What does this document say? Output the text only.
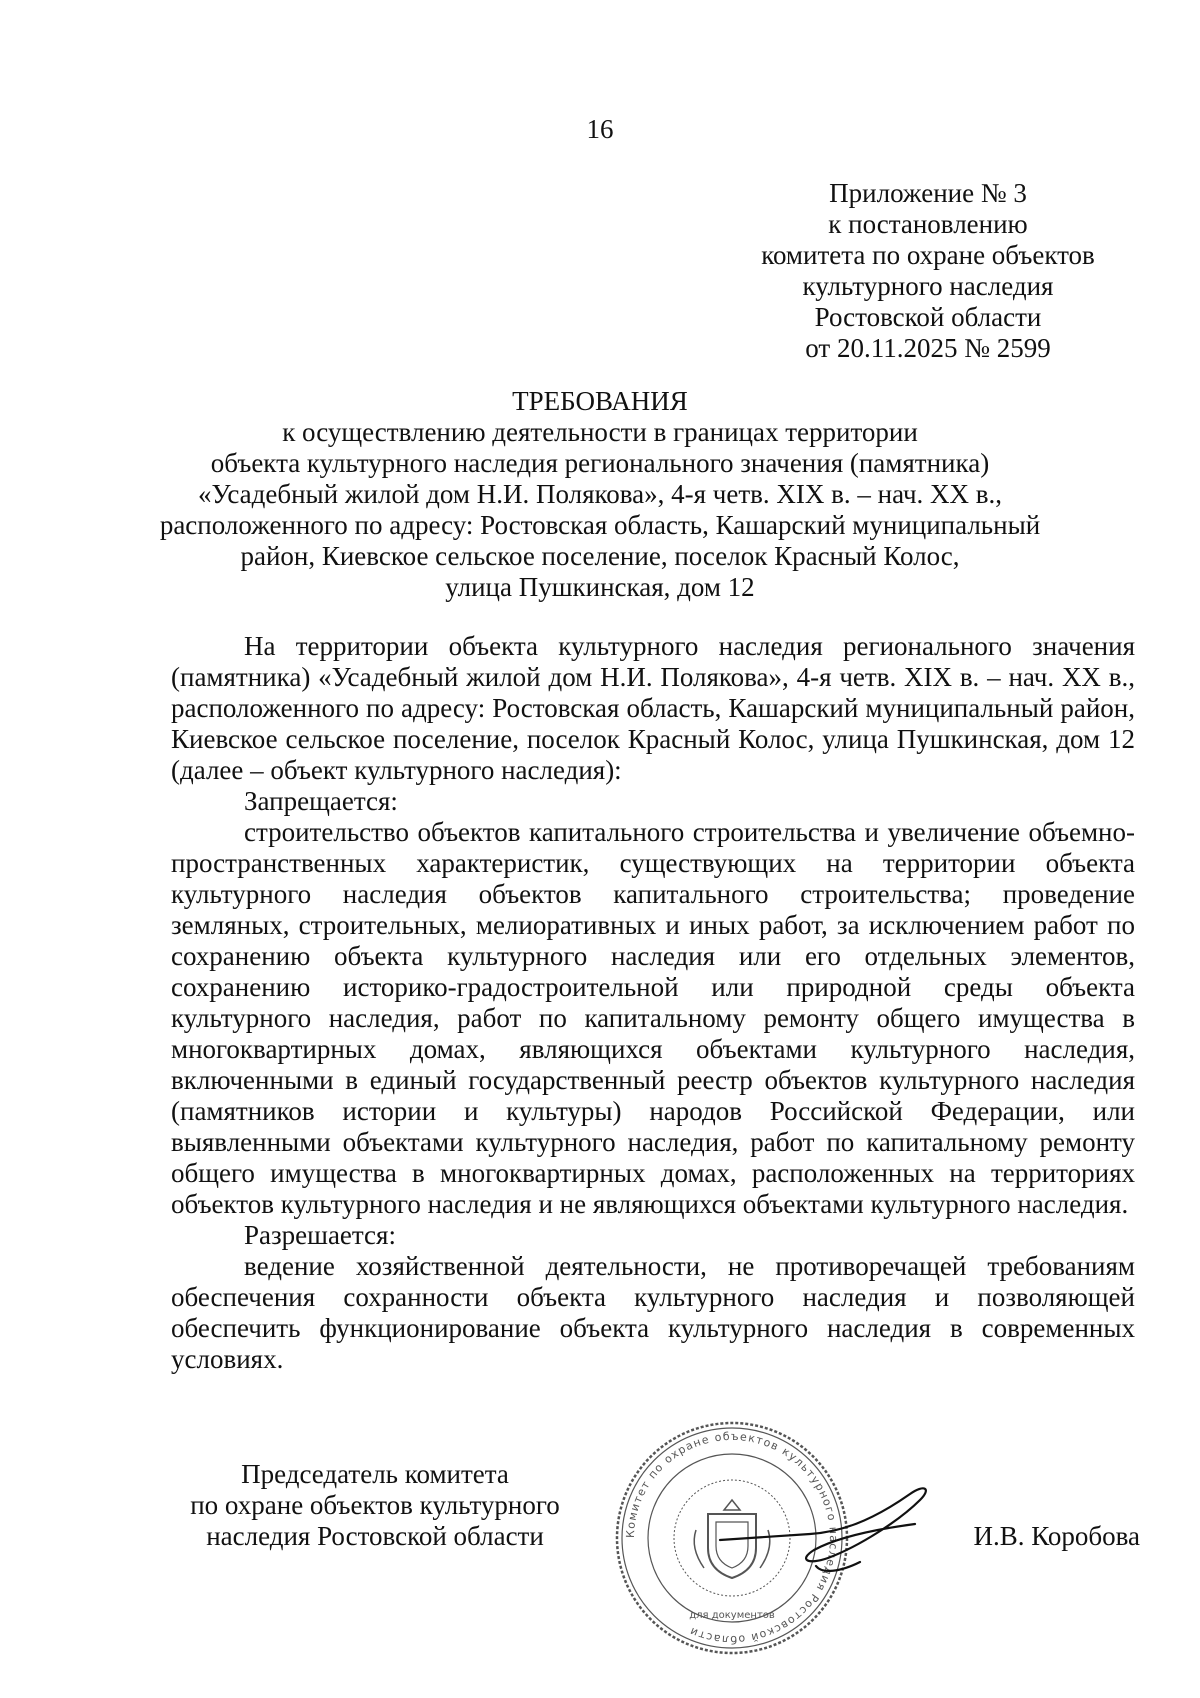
16
Приложение № 3
к постановлению
комитета по охране объектов
культурного наследия
Ростовской области
от 20.11.2025 № 2599
ТРЕБОВАНИЯ
к осуществлению деятельности в границах территории
объекта культурного наследия регионального значения (памятника)
«Усадебный жилой дом Н.И. Полякова», 4-я четв. XIX в. – нач. XX в.,
расположенного по адресу: Ростовская область, Кашарский муниципальный
район, Киевское сельское поселение, поселок Красный Колос,
улица Пушкинская, дом 12

На территории объекта культурного наследия регионального значения (памятника) «Усадебный жилой дом Н.И. Полякова», 4-я четв. XIX в. – нач. XX в., расположенного по адресу: Ростовская область, Кашарский муниципальный район, Киевское сельское поселение, поселок Красный Колос, улица Пушкинская, дом 12 (далее – объект культурного наследия):

Запрещается:

строительство объектов капитального строительства и увеличение объемно-пространственных характеристик, существующих на территории объекта культурного наследия объектов капитального строительства; проведение земляных, строительных, мелиоративных и иных работ, за исключением работ по сохранению объекта культурного наследия или его отдельных элементов, сохранению историко-градостроительной или природной среды объекта культурного наследия, работ по капитальному ремонту общего имущества в многоквартирных домах, являющихся объектами культурного наследия, включенными в единый государственный реестр объектов культурного наследия (памятников истории и культуры) народов Российской Федерации, или выявленными объектами культурного наследия, работ по капитальному ремонту общего имущества в многоквартирных домах, расположенных на территориях объектов культурного наследия и не являющихся объектами культурного наследия.

Разрешается:

ведение хозяйственной деятельности, не противоречащей требованиям обеспечения сохранности объекта культурного наследия и позволяющей обеспечить функционирование объекта культурного наследия в современных условиях.

Председатель комитета
по охране объектов культурного
наследия Ростовской области	Комитет по охране объектов культурного наследия Ростовской области
для документов
И.В. Коробова
